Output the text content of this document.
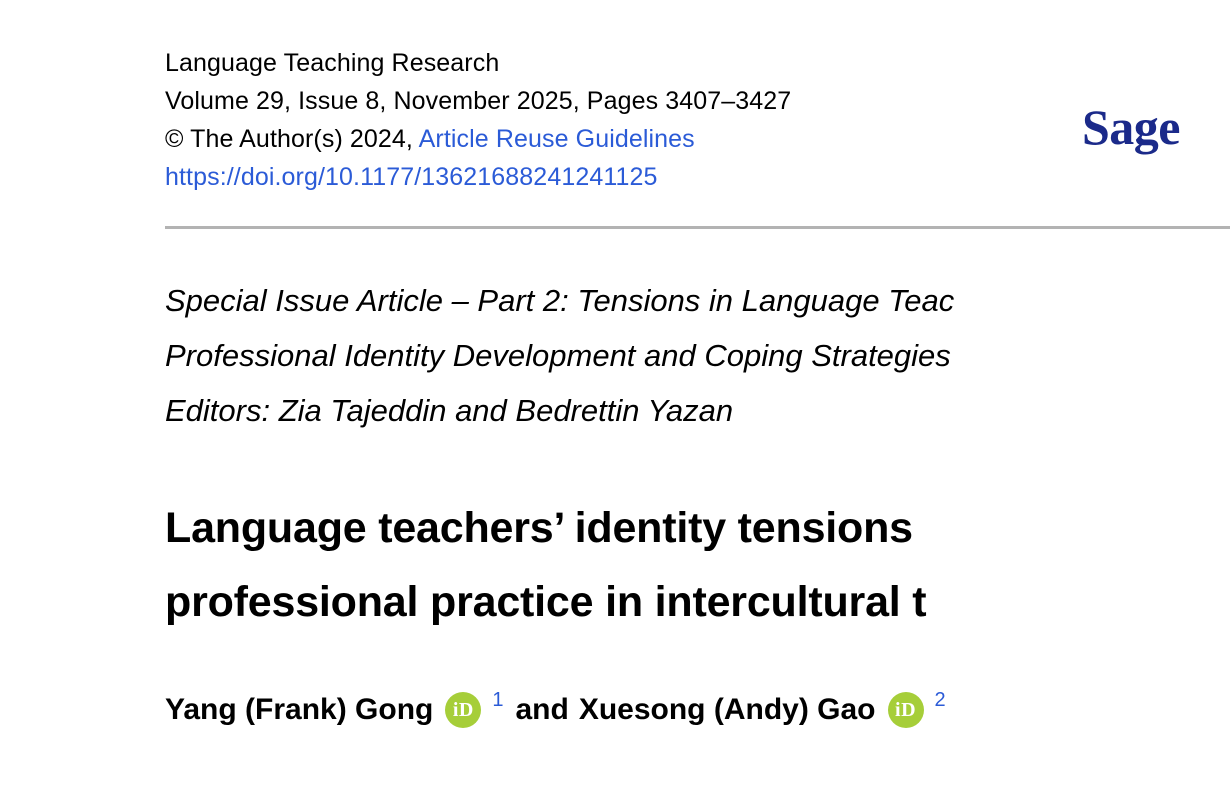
Language Teaching Research
Volume 29, Issue 8, November 2025, Pages 3407–3427
© The Author(s) 2024, Article Reuse Guidelines
https://doi.org/10.1177/13621688241241125
Sage
Special Issue Article – Part 2: Tensions in Language Teac
Professional Identity Development and Coping Strategies
Editors: Zia Tajeddin and Bedrettin Yazan
Language teachers’ identity tensions
professional practice in intercultural t
Yang (Frank) Gong iD 1 and Xuesong (Andy) Gao iD 2
